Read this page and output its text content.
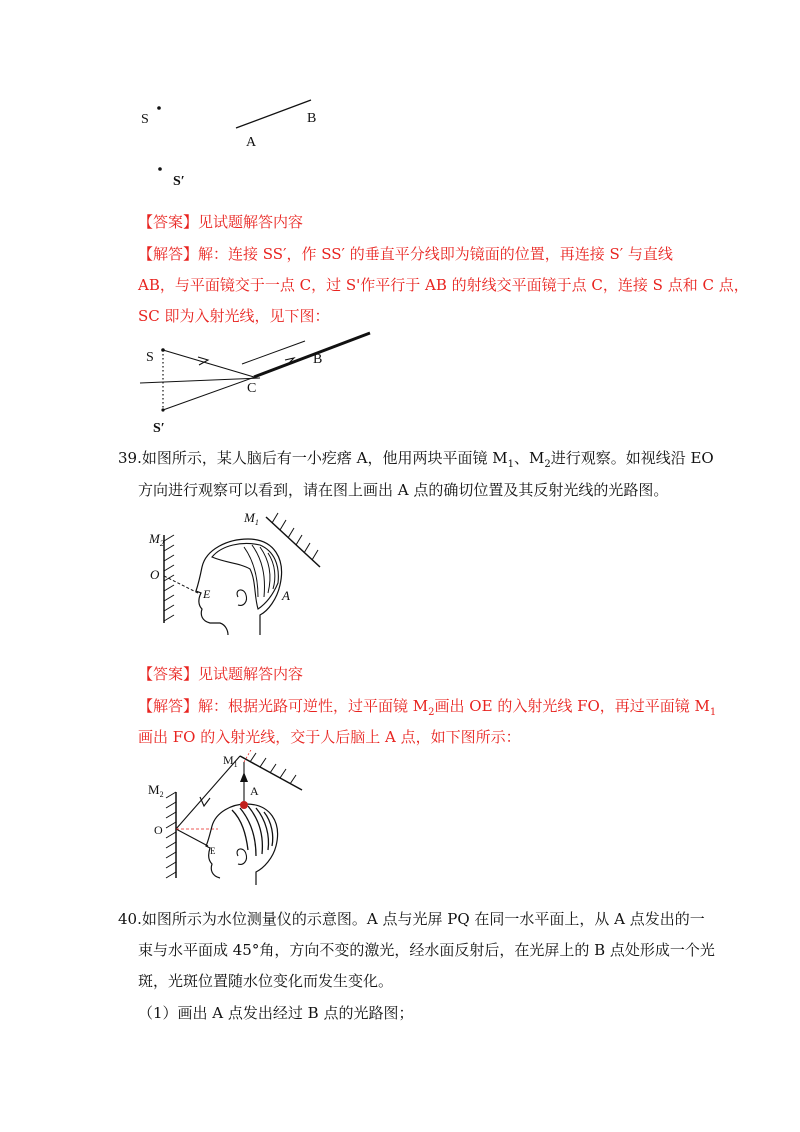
S
A
B
S′
【答案】见试题解答内容
【解答】解：连接 SS′，作 SS′ 的垂直平分线即为镜面的位置，再连接 S′ 与直线
AB，与平面镜交于一点 C，过 S'作平行于 AB 的射线交平面镜于点 C，连接 S 点和 C 点，
SC 即为入射光线，见下图：
S	B
C
S′
39.如图所示，某人脑后有一小疙瘩 A，他用两块平面镜 $M_1$、$M_2$进行观察。如视线沿 EO
方向进行观察可以看到，请在图上画出 A 点的确切位置及其反射光线的光路图。
$M_2$
$M_1$
O
E	A
【答案】见试题解答内容
【解答】解：根据光路可逆性，过平面镜 $M_2$画出 OE 的入射光线 FO，再过平面镜 $M_1$
画出 FO 的入射光线，交于人后脑上 A 点，如下图所示：
$M_2$
$M_1$
A
O
E
40.如图所示为水位测量仪的示意图。A 点与光屏 PQ 在同一水平面上，从 A 点发出的一
束与水平面成 45°角，方向不变的激光，经水面反射后，在光屏上的 B 点处形成一个光
斑，光斑位置随水位变化而发生变化。
（1）画出 A 点发出经过 B 点的光路图；
